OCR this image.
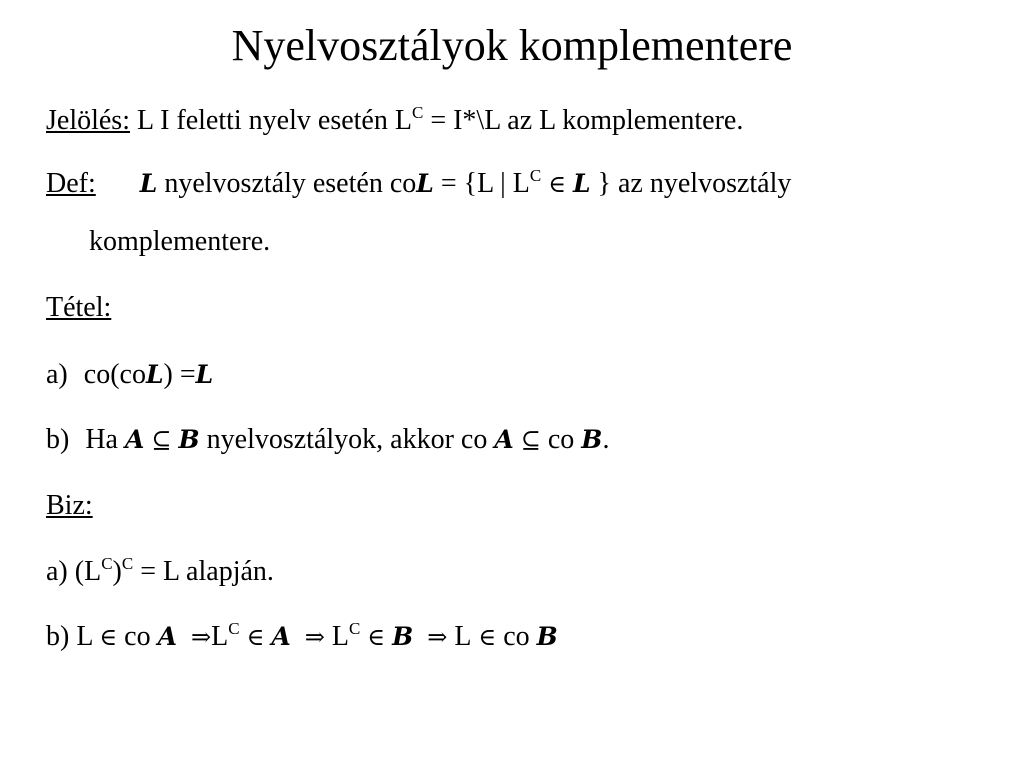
Nyelvosztályok komplementere
Jelölés: L I feletti nyelv esetén $L^C$ = I*\L az L komplementere.
Def: L nyelvosztály esetén coL = {L | $L^C$ ∈ L } az nyelvosztály
komplementere.
Tétel:
a) co(coL) =L
b) Ha A ⊆ B nyelvosztályok, akkor co A ⊆ co B.
Biz:
a) $(L^C)^C = L$ alapján.
b) L ∈ co A $\Rightarrow L^C$ ∈ A ⇒ $L^C$ ∈ B ⇒ L ∈ co B
